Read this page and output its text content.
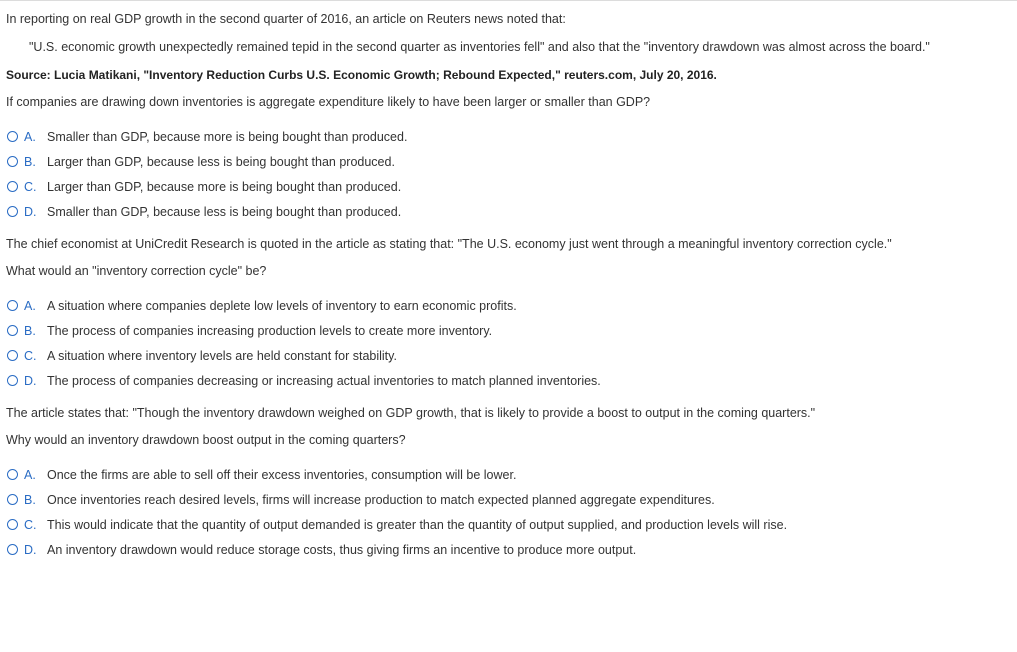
In reporting on real GDP growth in the second quarter of 2016, an article on Reuters news noted that:
"U.S. economic growth unexpectedly remained tepid in the second quarter as inventories fell" and also that the "inventory drawdown was almost across the board."
Source: Lucia Matikani, "Inventory Reduction Curbs U.S. Economic Growth; Rebound Expected," reuters.com, July 20, 2016.
If companies are drawing down inventories is aggregate expenditure likely to have been larger or smaller than GDP?
A. Smaller than GDP, because more is being bought than produced.
B. Larger than GDP, because less is being bought than produced.
C. Larger than GDP, because more is being bought than produced.
D. Smaller than GDP, because less is being bought than produced.
The chief economist at UniCredit Research is quoted in the article as stating that: "The U.S. economy just went through a meaningful inventory correction cycle."
What would an "inventory correction cycle" be?
A. A situation where companies deplete low levels of inventory to earn economic profits.
B. The process of companies increasing production levels to create more inventory.
C. A situation where inventory levels are held constant for stability.
D. The process of companies decreasing or increasing actual inventories to match planned inventories.
The article states that: "Though the inventory drawdown weighed on GDP growth, that is likely to provide a boost to output in the coming quarters."
Why would an inventory drawdown boost output in the coming quarters?
A. Once the firms are able to sell off their excess inventories, consumption will be lower.
B. Once inventories reach desired levels, firms will increase production to match expected planned aggregate expenditures.
C. This would indicate that the quantity of output demanded is greater than the quantity of output supplied, and production levels will rise.
D. An inventory drawdown would reduce storage costs, thus giving firms an incentive to produce more output.
